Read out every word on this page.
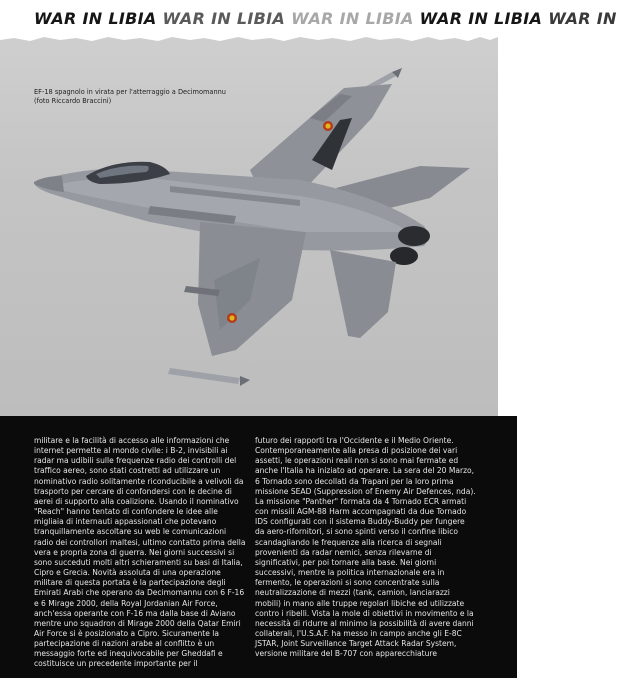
WAR IN LIBIA WAR IN LIBIA WAR IN LIBIA WAR IN LIBIA WAR IN
EF-18 spagnolo in virata per l'atterraggio a Decimomannu
(foto Riccardo Braccini)

militare e la facilità di accesso alle informazioni che internet permette al mondo civile: i B-2, invisibili ai radar ma udibili sulle frequenze radio dei controlli del traffico aereo, sono stati costretti ad utilizzare un nominativo radio solitamente riconducibile a velivoli da trasporto per cercare di confondersi con le decine di aerei di supporto alla coalizione. Usando il nominativo "Reach" hanno tentato di confondere le idee alle migliaia di internauti appassionati che potevano tranquillamente ascoltare su web le comunicazioni radio dei controllori maltesi, ultimo contatto prima della vera e propria zona di guerra. Nei giorni successivi si sono succeduti molti altri schieramenti su basi di Italia, Cipro e Grecia. Novità assoluta di una operazione militare di questa portata è la partecipazione degli Emirati Arabi che operano da Decimomannu con 6 F-16 e 6 Mirage 2000, della Royal Jordanian Air Force, anch'essa operante con F-16 ma dalla base di Aviano mentre uno squadron di Mirage 2000 della Qatar Emiri Air Force si è posizionato a Cipro. Sicuramente la partecipazione di nazioni arabe al conflitto è un messaggio forte ed inequivocabile per Gheddafi e costituisce un precedente importante per il

futuro dei rapporti tra l'Occidente e il Medio Oriente. Contemporaneamente alla presa di posizione dei vari assetti, le operazioni reali non si sono mai fermate ed anche l'Italia ha iniziato ad operare. La sera del 20 Marzo, 6 Tornado sono decollati da Trapani per la loro prima missione SEAD (Suppression of Enemy Air Defences, nda). La missione "Panther" formata da 4 Tornado ECR armati con missili AGM-88 Harm accompagnati da due Tornado IDS configurati con il sistema Buddy-Buddy per fungere da aero-rifornitori, si sono spinti verso il confine libico scandagliando le frequenze alla ricerca di segnali provenienti da radar nemici, senza rilevarne di significativi, per poi tornare alla base. Nei giorni successivi, mentre la politica internazionale era in fermento, le operazioni si sono concentrate sulla neutralizzazione di mezzi (tank, camion, lanciarazzi mobili) in mano alle truppe regolari libiche ed utilizzate contro i ribelli. Vista la mole di obiettivi in movimento e la necessità di ridurre al minimo la possibilità di avere danni collaterali, l'U.S.A.F. ha messo in campo anche gli E-8C JSTAR, Joint Surveillance Target Attack Radar System, versione militare del B-707 con apparecchiature
